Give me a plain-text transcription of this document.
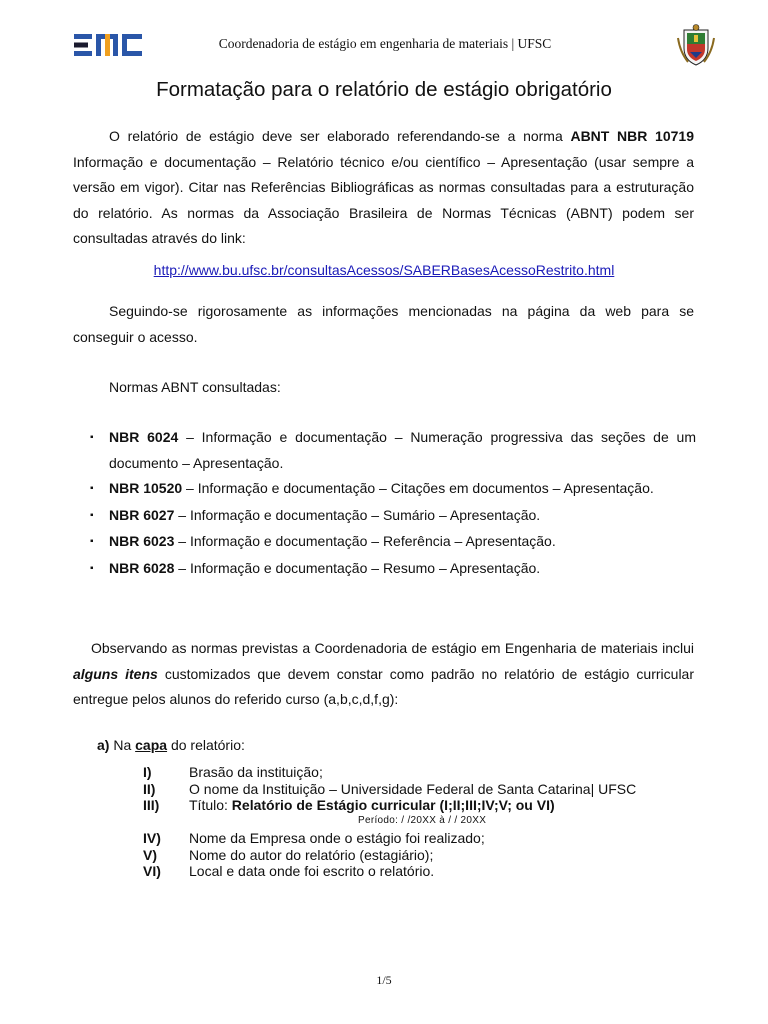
Coordenadoria de estágio em engenharia de materiais | UFSC
Formatação para o relatório de estágio obrigatório
O relatório de estágio deve ser elaborado referendando-se a norma ABNT NBR 10719 Informação e documentação – Relatório técnico e/ou científico – Apresentação (usar sempre a versão em vigor). Citar nas Referências Bibliográficas as normas consultadas para a estruturação do relatório. As normas da Associação Brasileira de Normas Técnicas (ABNT) podem ser consultadas através do link:
http://www.bu.ufsc.br/consultasAcessos/SABERBasesAcessoRestrito.html
Seguindo-se rigorosamente as informações mencionadas na página da web para se conseguir o acesso.
Normas ABNT consultadas:
▪ NBR 6024 – Informação e documentação – Numeração progressiva das seções de um documento – Apresentação.
▪ NBR 10520 – Informação e documentação – Citações em documentos – Apresentação.
▪ NBR 6027 – Informação e documentação – Sumário – Apresentação.
▪ NBR 6023 – Informação e documentação – Referência – Apresentação.
▪ NBR 6028 – Informação e documentação – Resumo – Apresentação.
Observando as normas previstas a Coordenadoria de estágio em Engenharia de materiais inclui alguns itens customizados que devem constar como padrão no relatório de estágio curricular entregue pelos alunos do referido curso (a,b,c,d,f,g):
a) Na capa do relatório:
I)	Brasão da instituição;
II)	O nome da Instituição – Universidade Federal de Santa Catarina| UFSC
III)	Título: Relatório de Estágio curricular (I;II;III;IV;V; ou VI)
IV)	Nome da Empresa onde o estágio foi realizado;
V)	Nome do autor do relatório (estagiário);
VI)	Local e data onde foi escrito o relatório.
Período: / /20XX à / / 20XX
1/5
